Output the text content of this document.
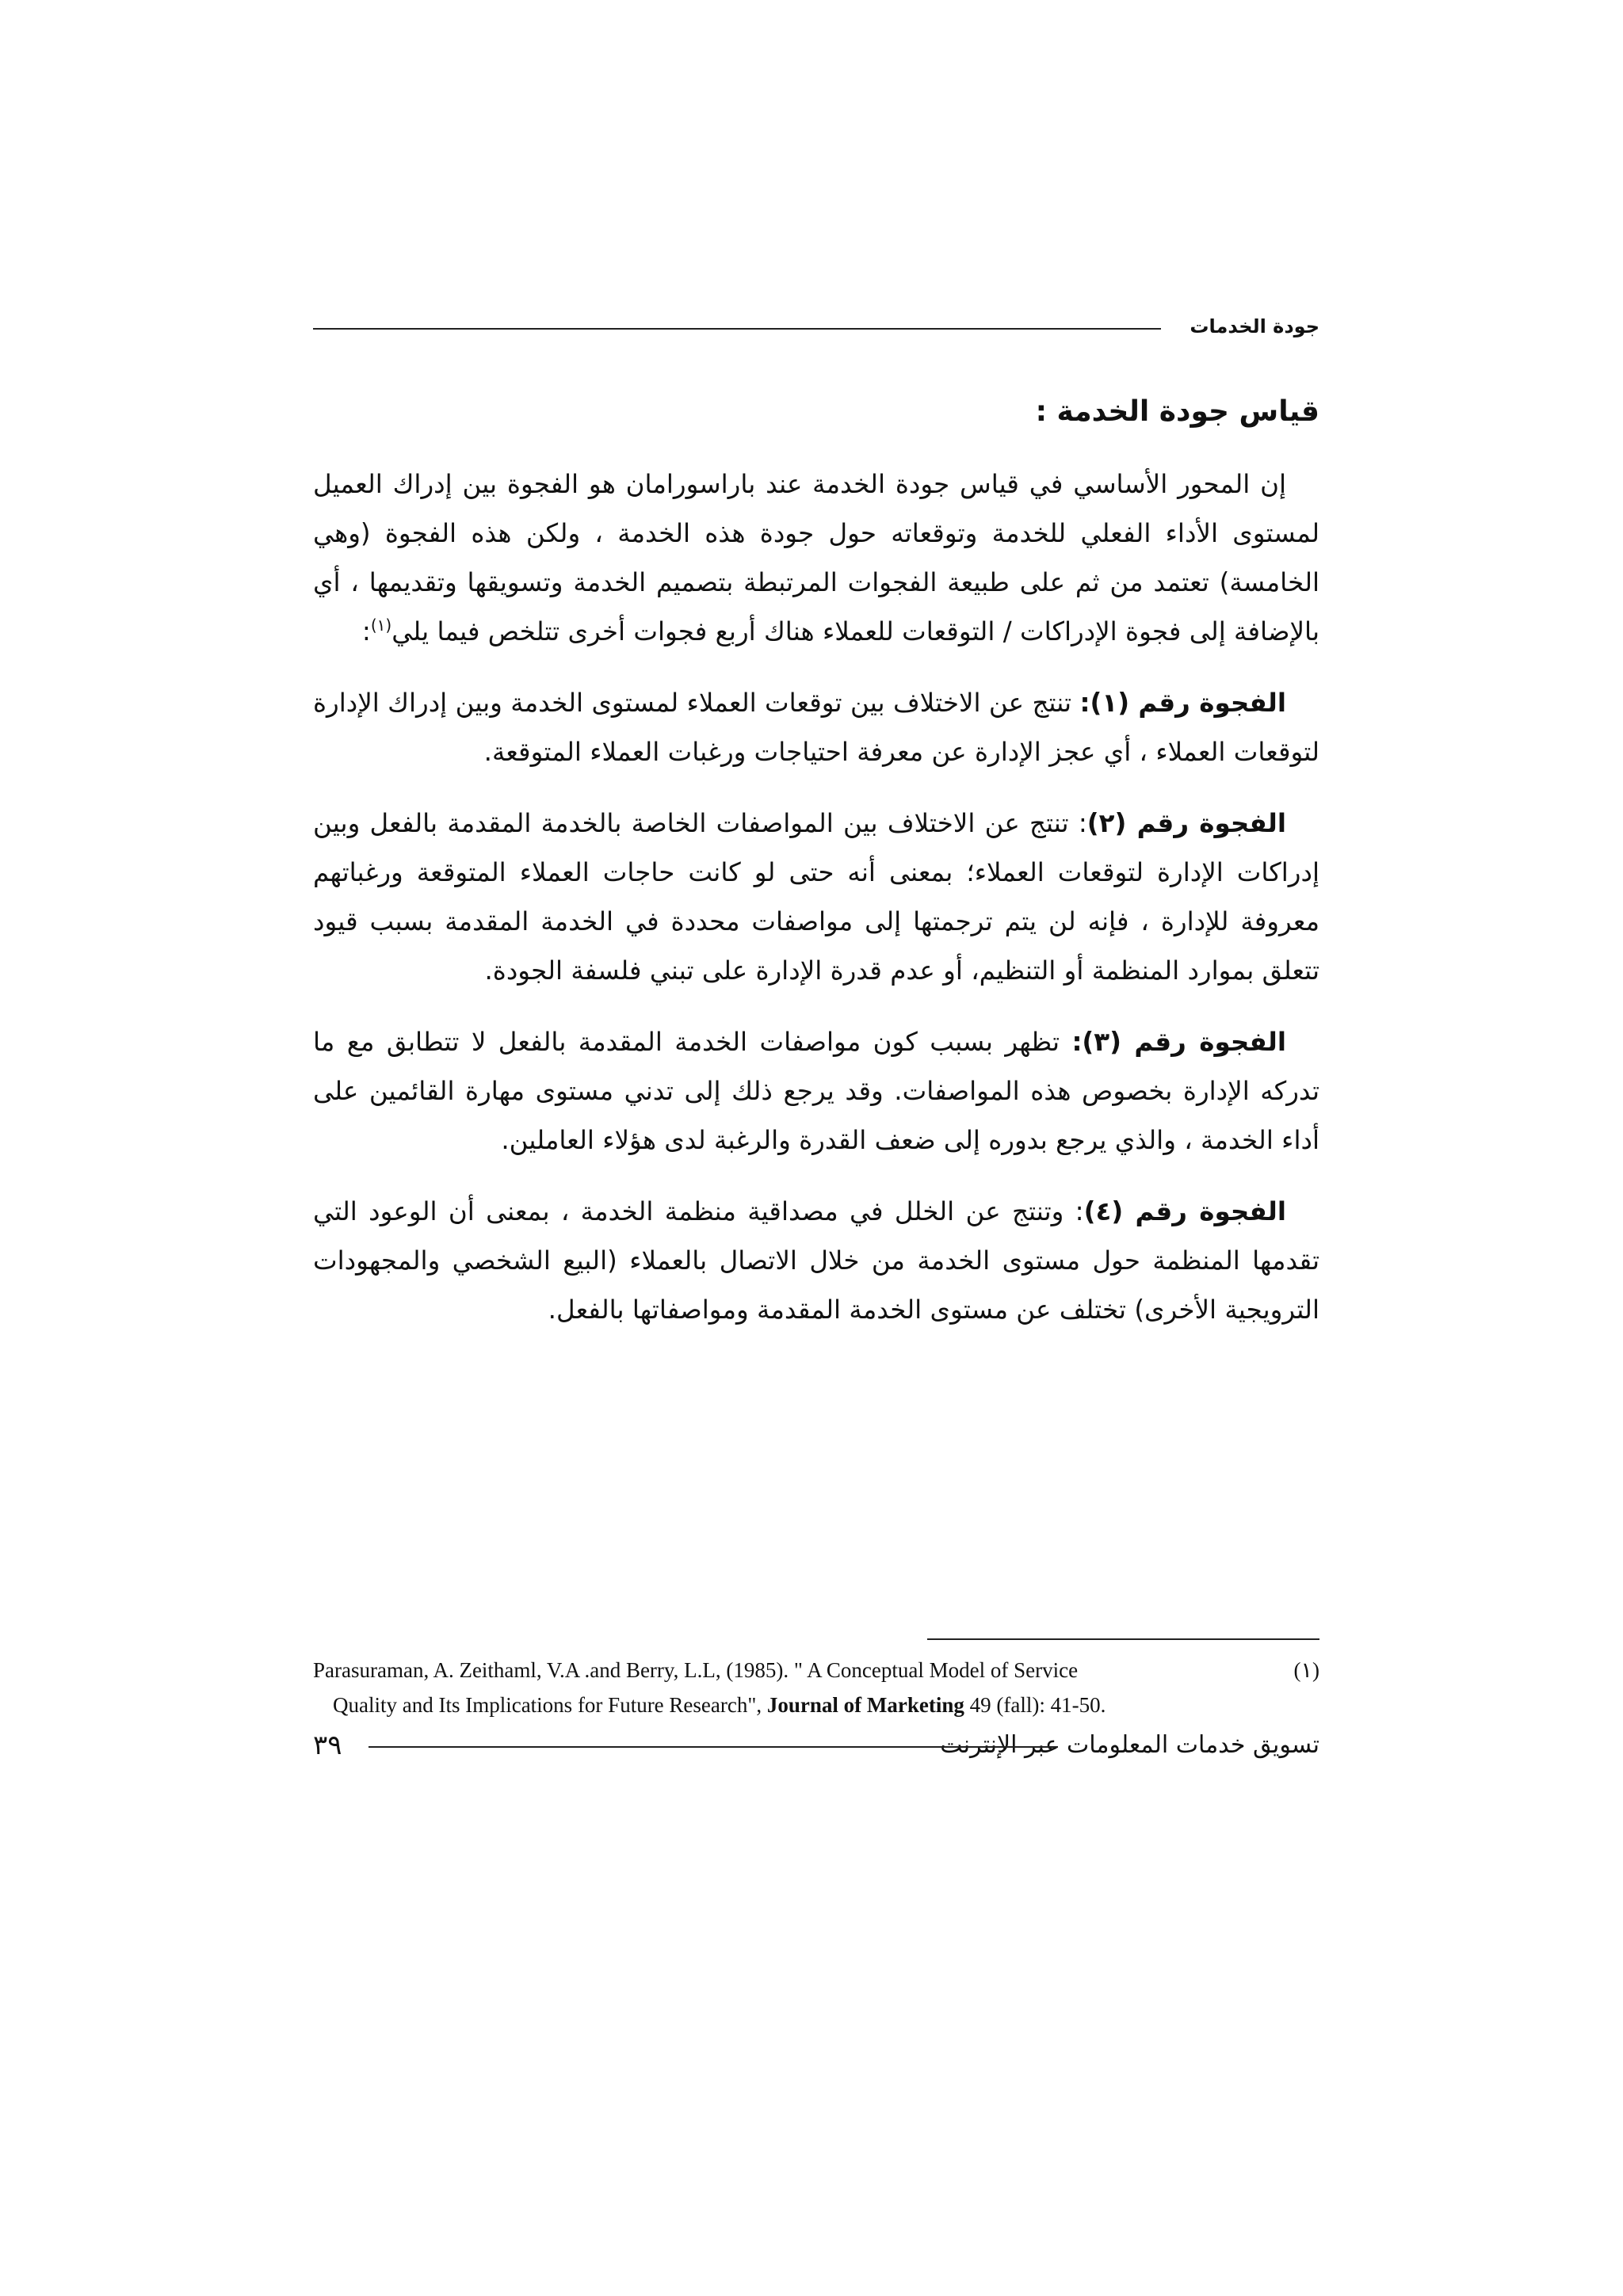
جودة الخدمات
قياس جودة الخدمة :

إن المحور الأساسي في قياس جودة الخدمة عند باراسورامان هو الفجوة بين إدراك العميل لمستوى الأداء الفعلي للخدمة وتوقعاته حول جودة هذه الخدمة ، ولكن هذه الفجوة (وهي الخامسة) تعتمد من ثم على طبيعة الفجوات المرتبطة بتصميم الخدمة وتسويقها وتقديمها ، أي بالإضافة إلى فجوة الإدراكات / التوقعات للعملاء هناك أربع فجوات أخرى تتلخص فيما يلي$^{(١)}$:

الفجوة رقم (١): تنتج عن الاختلاف بين توقعات العملاء لمستوى الخدمة وبين إدراك الإدارة لتوقعات العملاء ، أي عجز الإدارة عن معرفة احتياجات ورغبات العملاء المتوقعة.

الفجوة رقم (٢): تنتج عن الاختلاف بين المواصفات الخاصة بالخدمة المقدمة بالفعل وبين إدراكات الإدارة لتوقعات العملاء؛ بمعنى أنه حتى لو كانت حاجات العملاء المتوقعة ورغباتهم معروفة للإدارة ، فإنه لن يتم ترجمتها إلى مواصفات محددة في الخدمة المقدمة بسبب قيود تتعلق بموارد المنظمة أو التنظيم، أو عدم قدرة الإدارة على تبني فلسفة الجودة.

الفجوة رقم (٣): تظهر بسبب كون مواصفات الخدمة المقدمة بالفعل لا تتطابق مع ما تدركه الإدارة بخصوص هذه المواصفات. وقد يرجع ذلك إلى تدني مستوى مهارة القائمين على أداء الخدمة ، والذي يرجع بدوره إلى ضعف القدرة والرغبة لدى هؤلاء العاملين.

الفجوة رقم (٤): وتنتج عن الخلل في مصداقية منظمة الخدمة ، بمعنى أن الوعود التي تقدمها المنظمة حول مستوى الخدمة من خلال الاتصال بالعملاء (البيع الشخصي والمجهودات الترويجية الأخرى) تختلف عن مستوى الخدمة المقدمة ومواصفاتها بالفعل.

Parasuraman, A. Zeithaml, V.A .and Berry, L.L, (1985). " A Conceptual Model of Service	(١)
Quality and Its Implications for Future Research", Journal of Marketing 49 (fall): 41-50.
تسويق خدمات المعلومات عبر الإنترنت
٣٩
